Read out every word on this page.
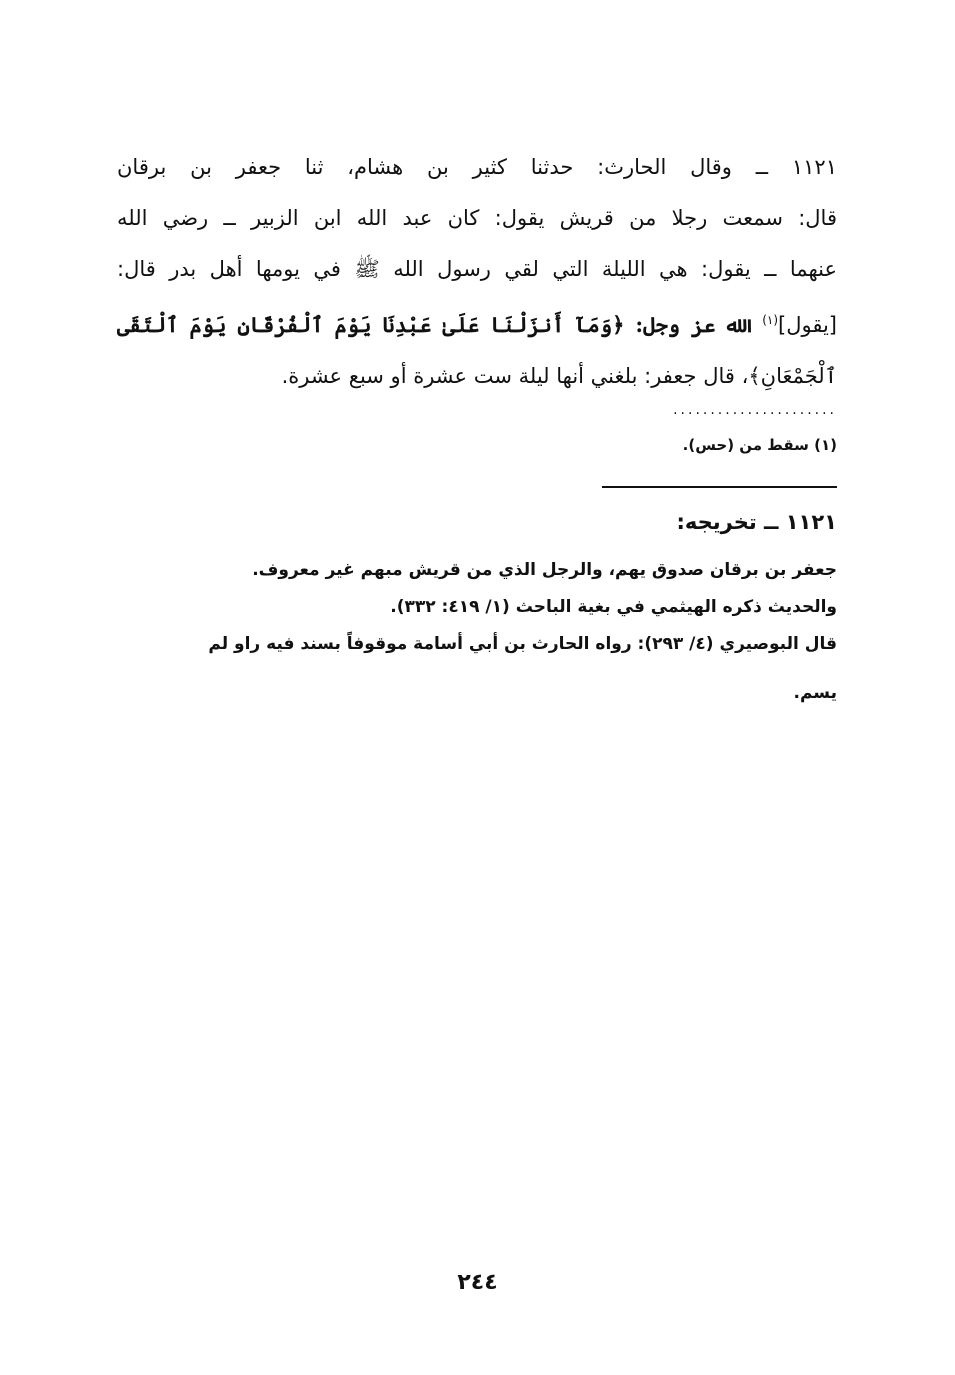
١١٢١ ــ وقال الحارث: حدثنا كثير بن هشام، ثنا جعفر بن برقان
قال: سمعت رجلا من قريش يقول: كان عبد الله ابن الزبير ــ رضي الله
عنهما ــ يقول: هي الليلة التي لقي رسول الله ﷺ في يومها أهل بدر قال:
[يقول]$^{(١)}$ الله عز وجل: ﴿وَمَآ أَنزَلْنَا عَلَىٰ عَبْدِنَا يَوْمَ ٱلْفُرْقَانِ يَوْمَ ٱلْتَقَى
ٱلْجَمْعَانِ﴾، قال جعفر: بلغني أنها ليلة ست عشرة أو سبع عشرة.
......................
(١) سقط من (حس).
١١٢١ ــ تخريجه:
جعفر بن برقان صدوق يهم، والرجل الذي من قريش مبهم غير معروف.
والحديث ذكره الهيثمي في بغية الباحث (١/ ٤١٩: ٣٣٢).
قال البوصيري (٤/ ٢٩٣): رواه الحارث بن أبي أسامة موقوفاً بسند فيه راو لم
يسم.
٢٤٤
